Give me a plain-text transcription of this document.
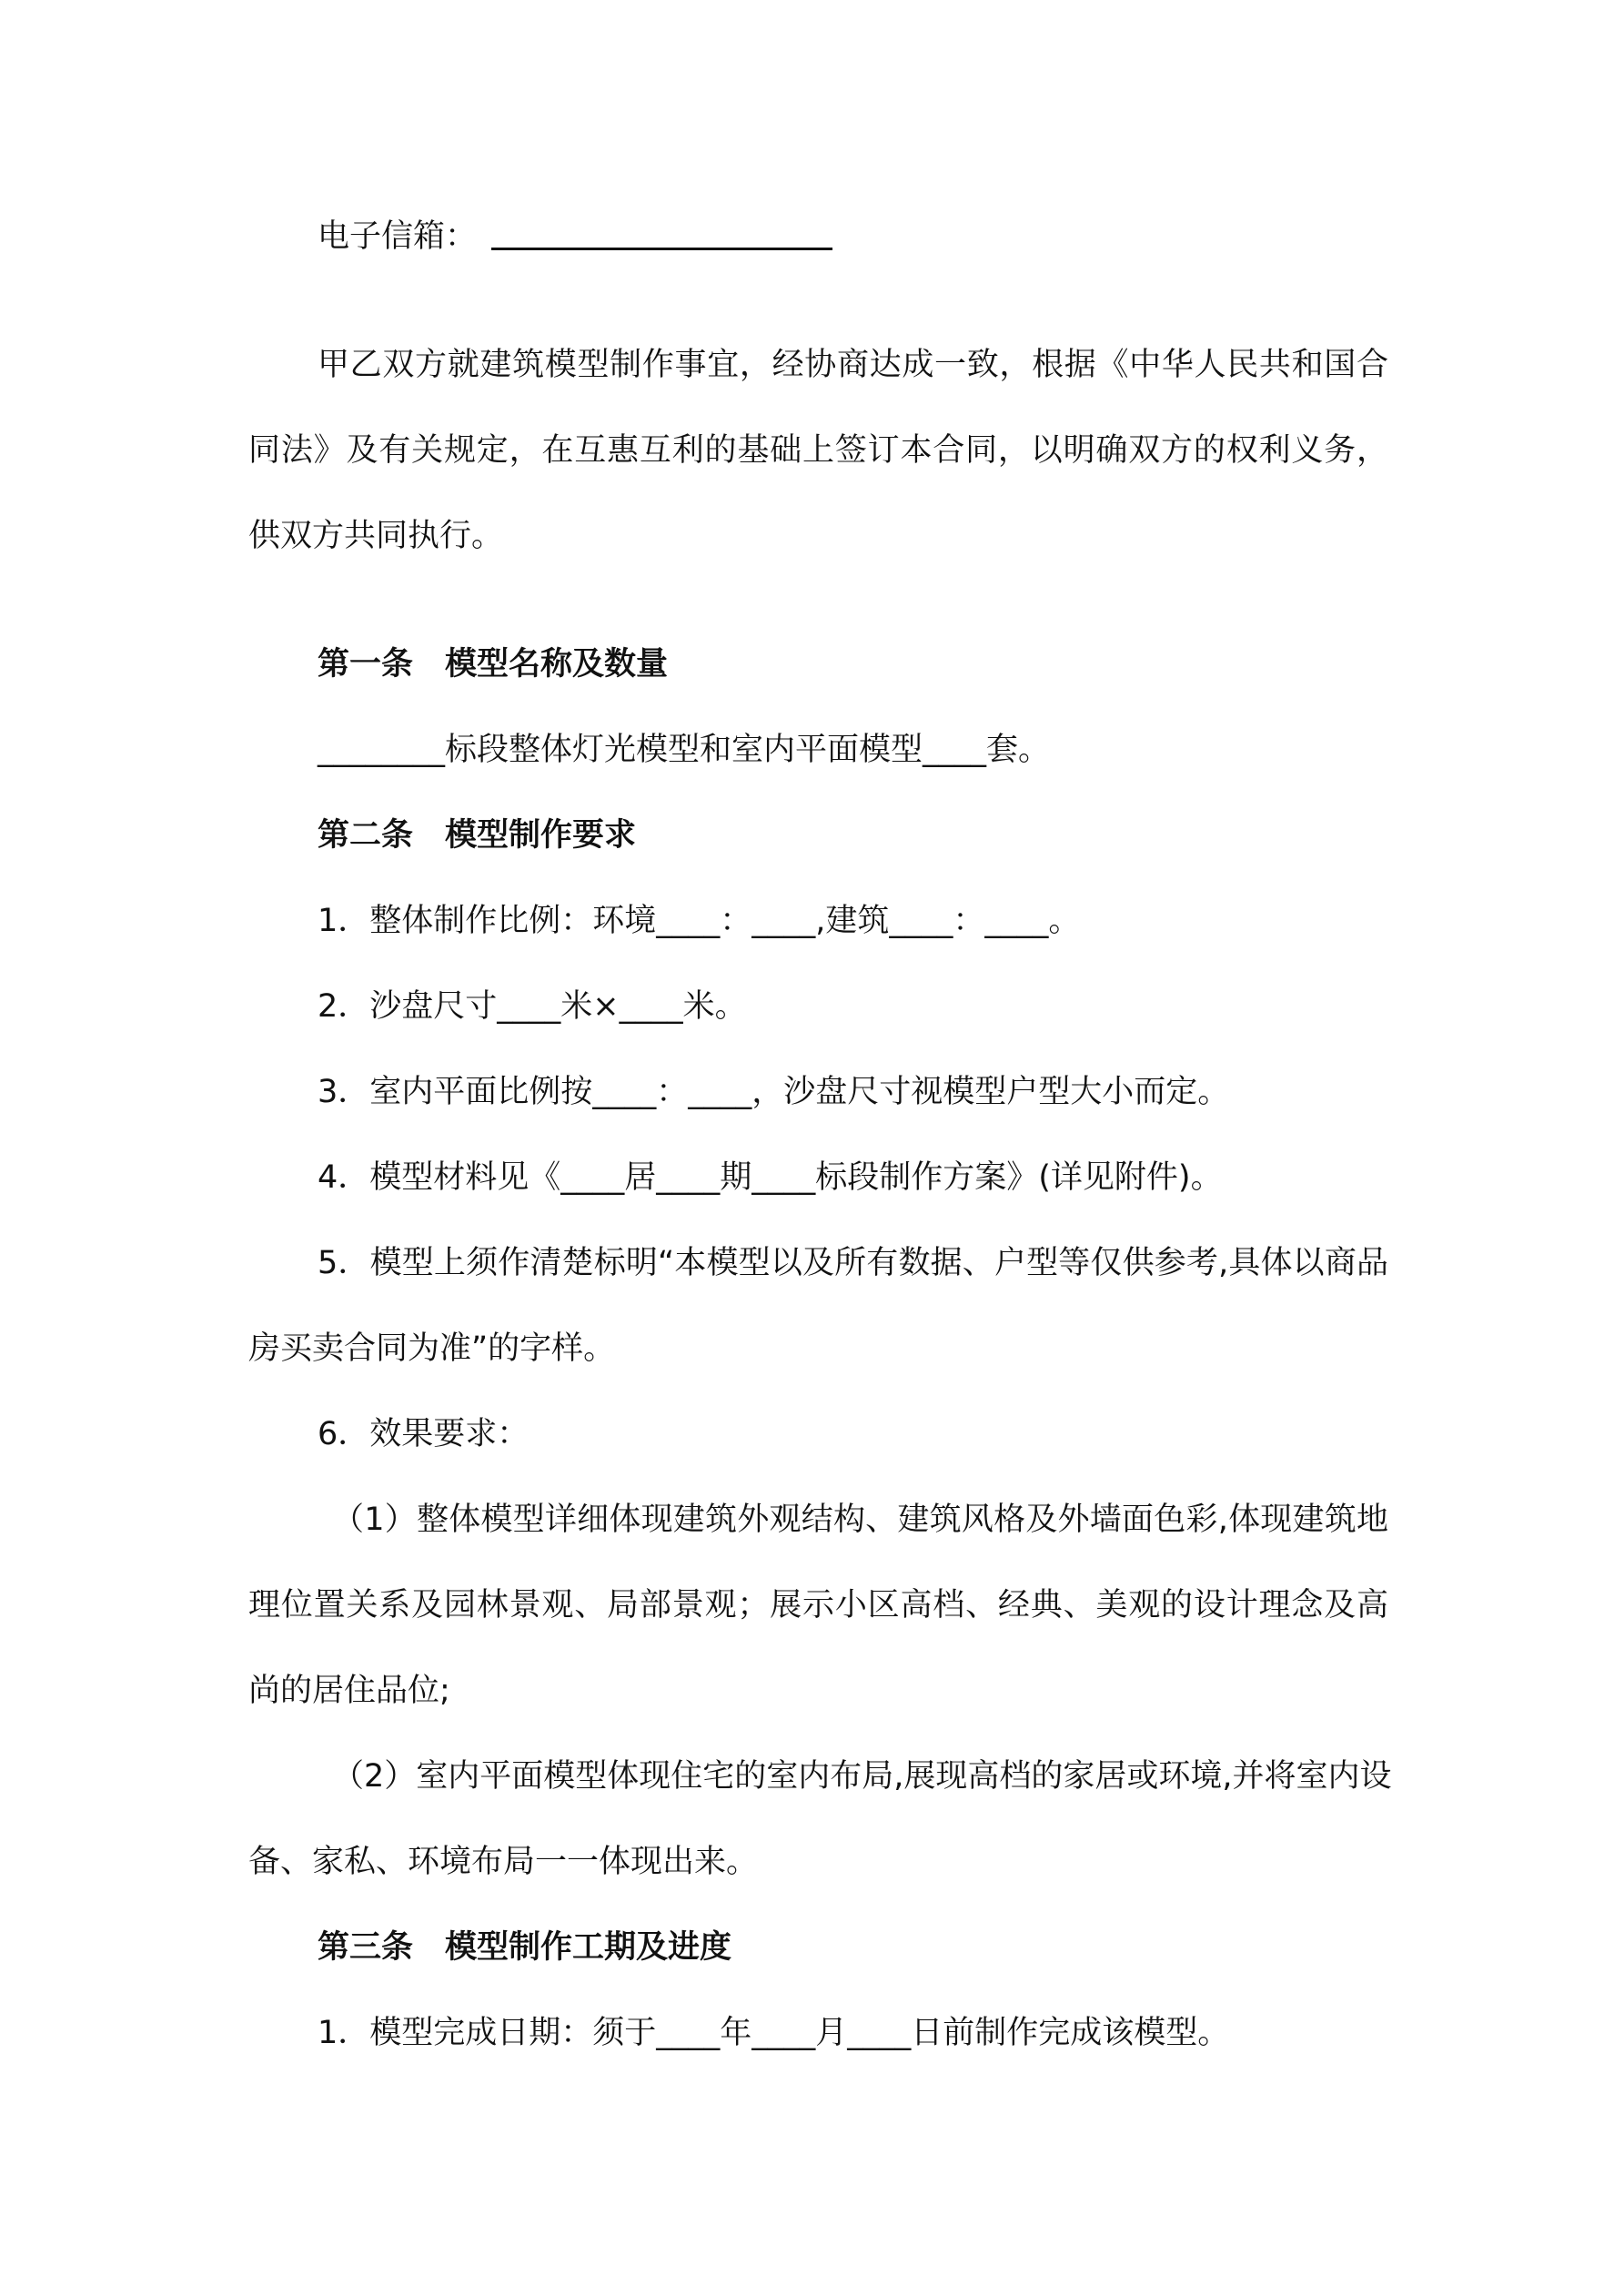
电子信箱：
甲乙双方就建筑模型制作事宜，经协商达成一致，根据《中华人民共和国合
同法》及有关规定，在互惠互利的基础上签订本合同，以明确双方的权利义务，
供双方共同执行。
第一条　模型名称及数量
________标段整体灯光模型和室内平面模型____套。
第二条　模型制作要求
1．整体制作比例：环境____：____,建筑____：____。
2．沙盘尺寸____米×____米。
3．室内平面比例按____：____，沙盘尺寸视模型户型大小而定。
4．模型材料见《____居____期____标段制作方案》(详见附件)。
5．模型上须作清楚标明“本模型以及所有数据、户型等仅供参考,具体以商品
房买卖合同为准”的字样。
6．效果要求：
（1）整体模型详细体现建筑外观结构、建筑风格及外墙面色彩,体现建筑地
理位置关系及园林景观、局部景观；展示小区高档、经典、美观的设计理念及高
尚的居住品位;
（2）室内平面模型体现住宅的室内布局,展现高档的家居或环境,并将室内设
备、家私、环境布局一一体现出来。
第三条　模型制作工期及进度
1．模型完成日期：须于____年____月____日前制作完成该模型。
